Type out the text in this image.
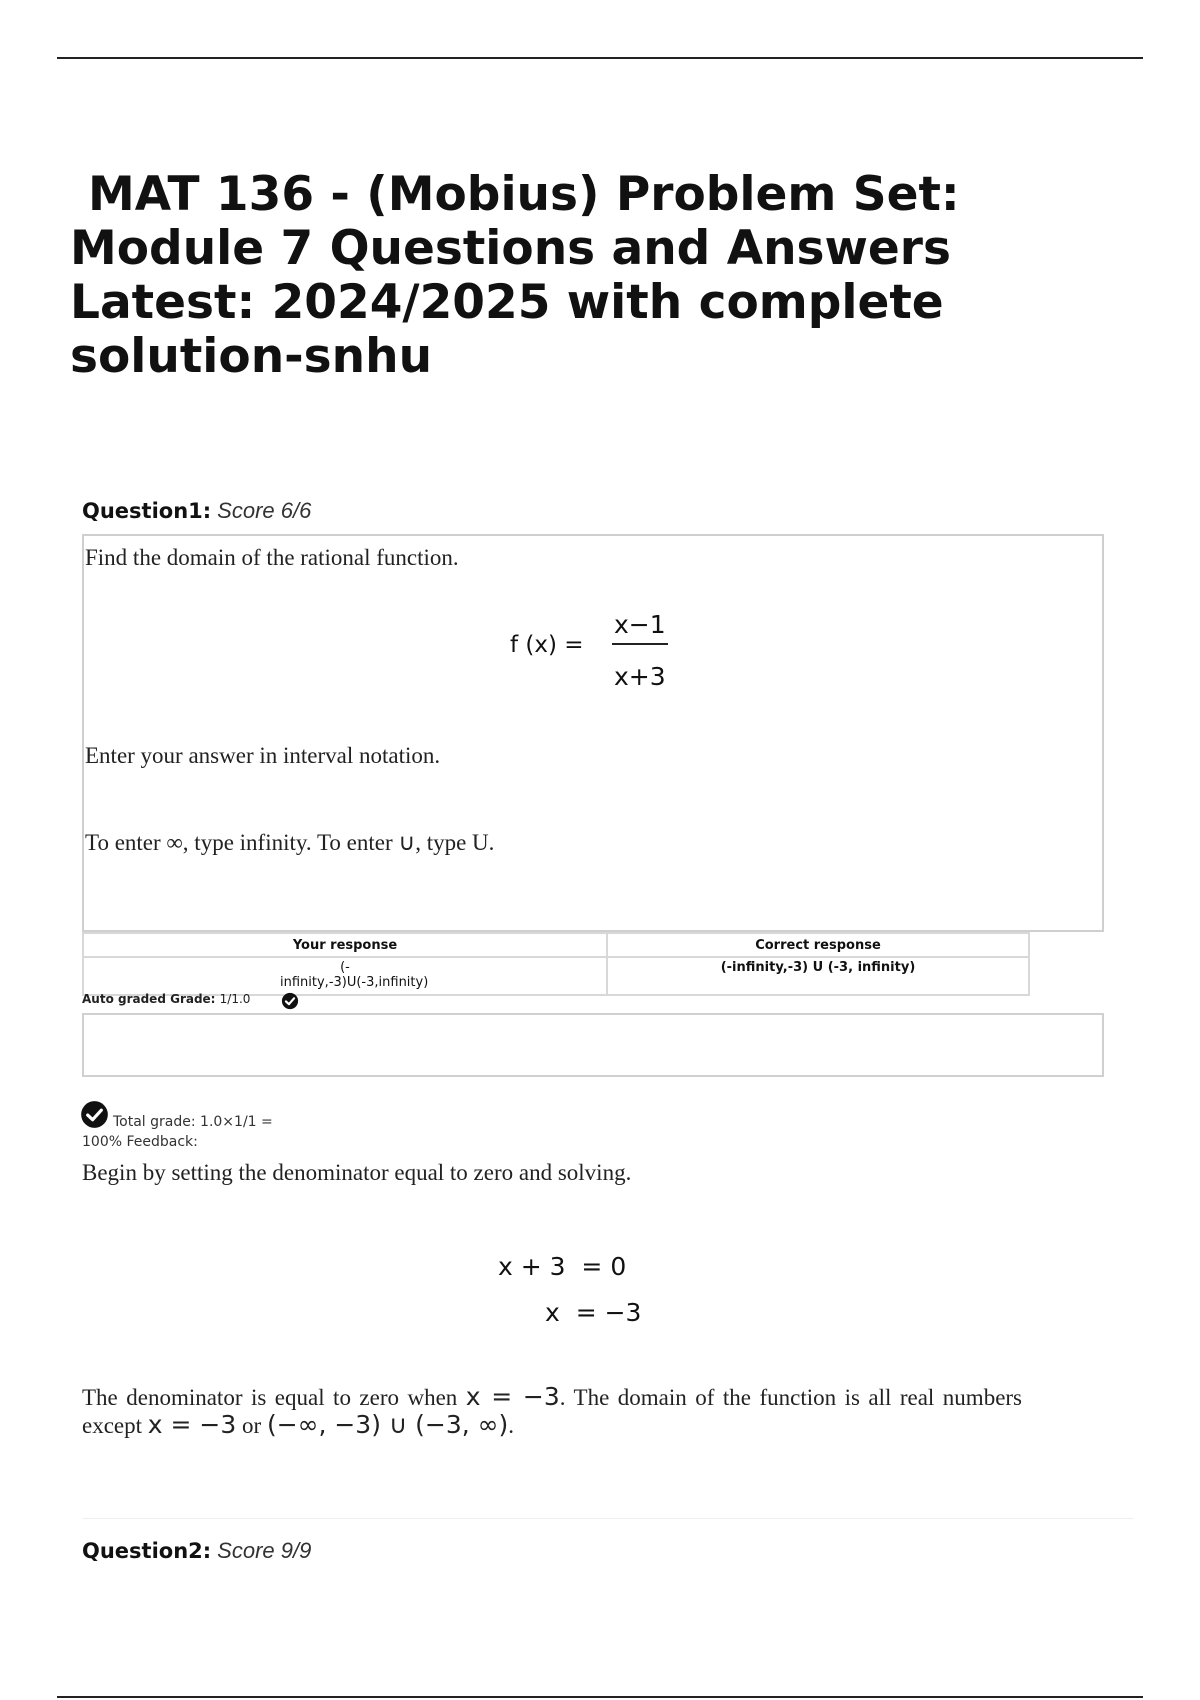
MAT 136 - (Mobius) Problem Set:
Module 7 Questions and Answers
Latest: 2024/2025 with complete
solution-snhu
Question1: Score 6/6
Find the domain of the rational function.
f (x) =
x−1
x+3
Enter your answer in interval notation.
To enter ∞, type infinity. To enter ∪, type U.
Your response	Correct response
(-infinity,-3)U(-3,infinity)	(-infinity,-3) U (-3, infinity)
Auto graded Grade: 1/1.0
Total grade: 1.0×1/1 =
100% Feedback:
Begin by setting the denominator equal to zero and solving.
x + 3  = 0
x  = −3
The denominator is equal to zero when x = −3. The domain of the function is all real numbers except x = −3 or (−∞, −3) ∪ (−3, ∞).
Question2: Score 9/9
